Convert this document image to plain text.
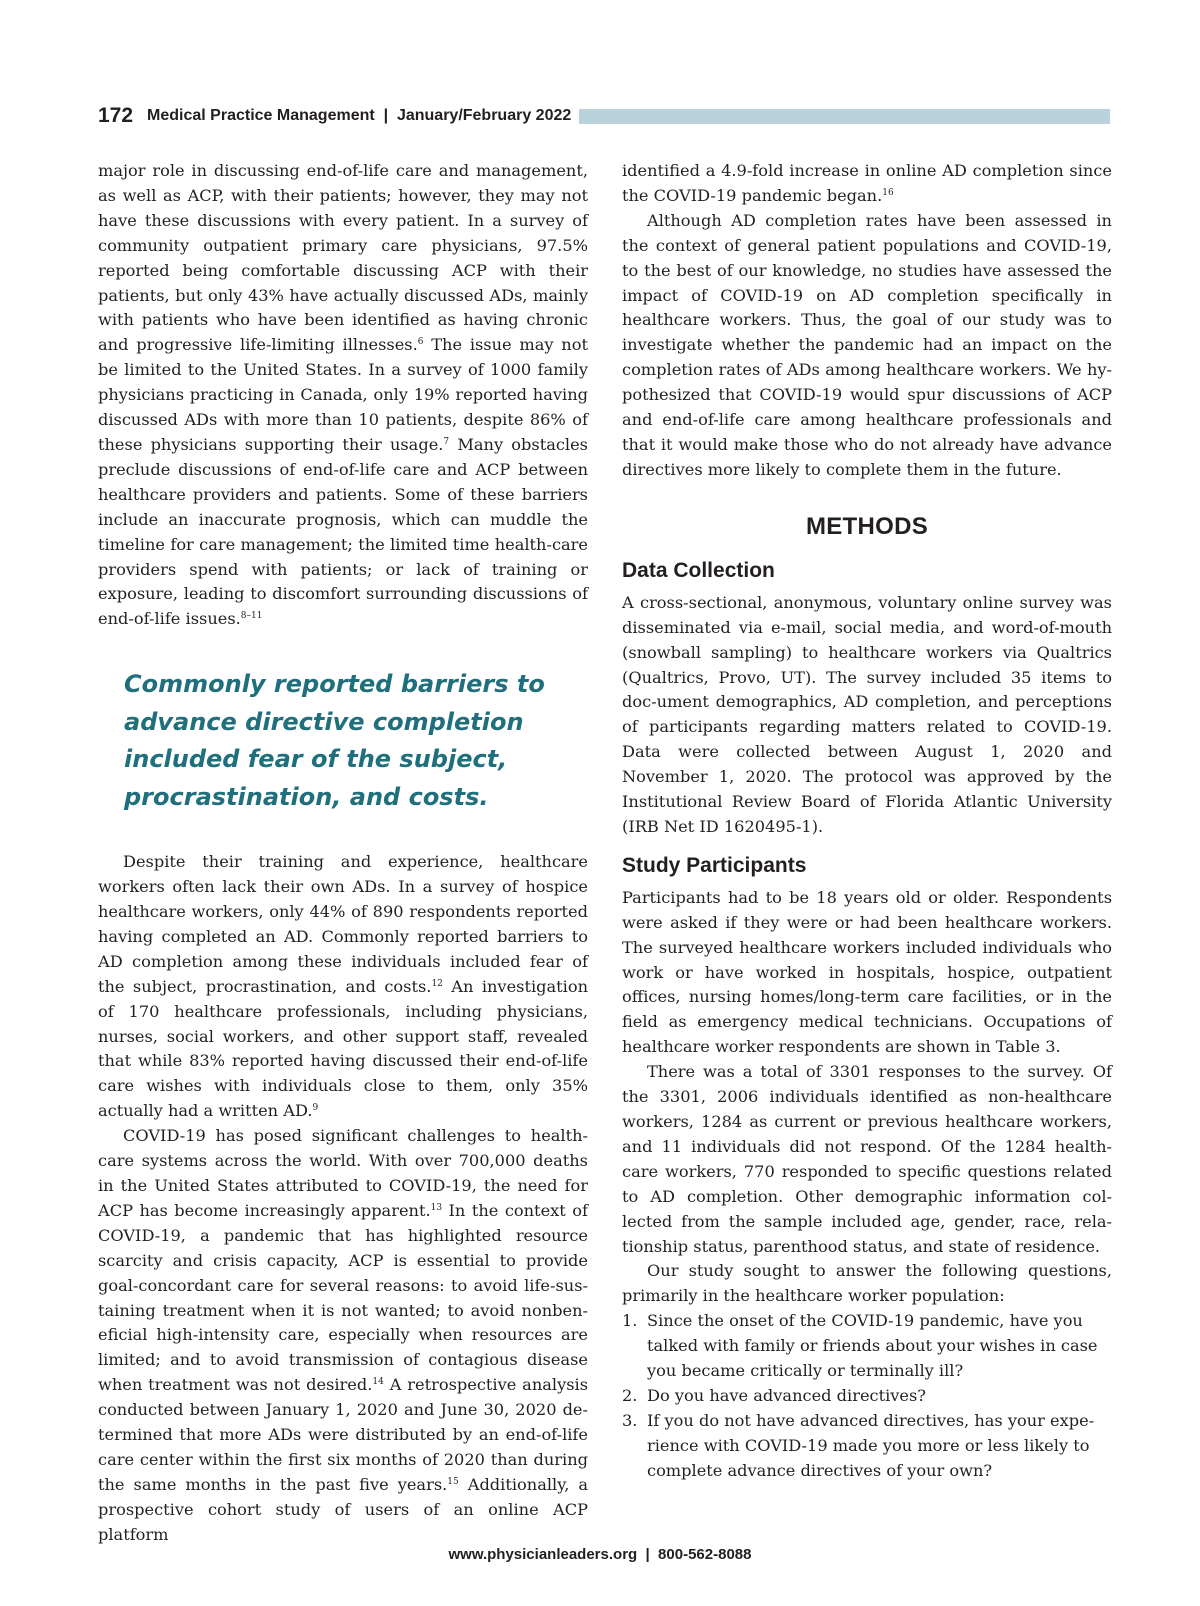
172 Medical Practice Management  |  January/February 2022

major role in discussing end-of-life care and management, as well as ACP, with their patients; however, they may not have these discussions with every patient. In a survey of community outpatient primary care physicians, 97.5% reported being comfortable discussing ACP with their patients, but only 43% have actually discussed ADs, mainly with patients who have been identified as having chronic and progressive life-limiting illnesses.$^6$ The issue may not be limited to the United States. In a survey of 1000 family physicians practicing in Canada, only 19% reported having discussed ADs with more than 10 patients, despite 86% of these physicians supporting their usage.$^7$ Many obstacles preclude discussions of end-of-life care and ACP between healthcare providers and patients. Some of these barriers include an inaccurate prognosis, which can muddle the timeline for care management; the limited time health-care providers spend with patients; or lack of training or exposure, leading to discomfort surrounding discussions of end-of-life issues.$^{8-11}$

Commonly reported barriers to advance directive completion included fear of the subject, procrastination, and costs.

Despite their training and experience, healthcare workers often lack their own ADs. In a survey of hospice healthcare workers, only 44% of 890 respondents reported having completed an AD. Commonly reported barriers to AD completion among these individuals included fear of the subject, procrastination, and costs.$^{12}$ An investigation of 170 healthcare professionals, including physicians, nurses, social workers, and other support staff, revealed that while 83% reported having discussed their end-of-life care wishes with individuals close to them, only 35% actually had a written AD.$^9$

COVID-19 has posed significant challenges to health-care systems across the world. With over 700,000 deaths in the United States attributed to COVID-19, the need for ACP has become increasingly apparent.$^{13}$ In the context of COVID-19, a pandemic that has highlighted resource scarcity and crisis capacity, ACP is essential to provide goal-concordant care for several reasons: to avoid life-sus-taining treatment when it is not wanted; to avoid nonben-eficial high-intensity care, especially when resources are limited; and to avoid transmission of contagious disease when treatment was not desired.$^{14}$ A retrospective analysis conducted between January 1, 2020 and June 30, 2020 de-termined that more ADs were distributed by an end-of-life care center within the first six months of 2020 than during the same months in the past five years.$^{15}$ Additionally, a prospective cohort study of users of an online ACP platform

identified a 4.9-fold increase in online AD completion since the COVID-19 pandemic began.$^{16}$

Although AD completion rates have been assessed in the context of general patient populations and COVID-19, to the best of our knowledge, no studies have assessed the impact of COVID-19 on AD completion specifically in healthcare workers. Thus, the goal of our study was to investigate whether the pandemic had an impact on the completion rates of ADs among healthcare workers. We hy-pothesized that COVID-19 would spur discussions of ACP and end-of-life care among healthcare professionals and that it would make those who do not already have advance directives more likely to complete them in the future.

METHODS
Data Collection

A cross-sectional, anonymous, voluntary online survey was disseminated via e-mail, social media, and word-of-mouth (snowball sampling) to healthcare workers via Qualtrics (Qualtrics, Provo, UT). The survey included 35 items to doc-ument demographics, AD completion, and perceptions of participants regarding matters related to COVID-19. Data were collected between August 1, 2020 and November 1, 2020. The protocol was approved by the Institutional Review Board of Florida Atlantic University (IRB Net ID 1620495-1).

Study Participants

Participants had to be 18 years old or older. Respondents were asked if they were or had been healthcare workers. The surveyed healthcare workers included individuals who work or have worked in hospitals, hospice, outpatient offices, nursing homes/long-term care facilities, or in the field as emergency medical technicians. Occupations of healthcare worker respondents are shown in Table 3.

There was a total of 3301 responses to the survey. Of the 3301, 2006 individuals identified as non-healthcare workers, 1284 as current or previous healthcare workers, and 11 individuals did not respond. Of the 1284 health-care workers, 770 responded to specific questions related to AD completion. Other demographic information col-lected from the sample included age, gender, race, rela-tionship status, parenthood status, and state of residence.

Our study sought to answer the following questions, primarily in the healthcare worker population:

1. Since the onset of the COVID-19 pandemic, have you talked with family or friends about your wishes in case you became critically or terminally ill?
2. Do you have advanced directives?
3. If you do not have advanced directives, has your expe-rience with COVID-19 made you more or less likely to complete advance directives of your own?
www.physicianleaders.org  |  800-562-8088
